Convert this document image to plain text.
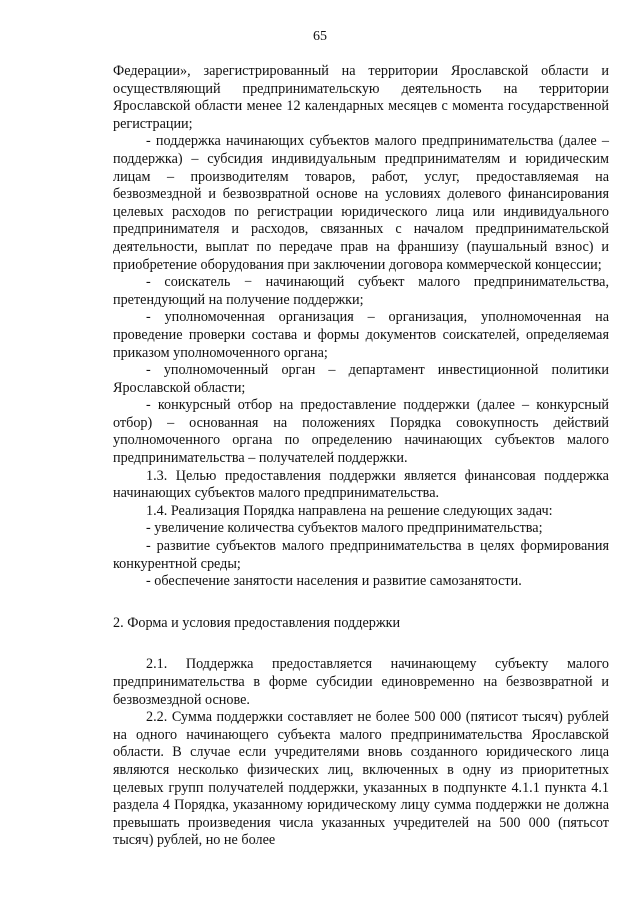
65

Федерации», зарегистрированный на территории Ярославской области и осуществляющий предпринимательскую деятельность на территории Ярославской области менее 12 календарных месяцев с момента государственной регистрации;

- поддержка начинающих субъектов малого предпринимательства (далее – поддержка) – субсидия индивидуальным предпринимателям и юридическим лицам – производителям товаров, работ, услуг, предоставляемая на безвозмездной и безвозвратной основе на условиях долевого финансирования целевых расходов по регистрации юридического лица или индивидуального предпринимателя и расходов, связанных с началом предпринимательской деятельности, выплат по передаче прав на франшизу (паушальный взнос) и приобретение оборудования при заключении договора коммерческой концессии;

- соискатель − начинающий субъект малого предпринимательства, претендующий на получение поддержки;

- уполномоченная организация – организация, уполномоченная на проведение проверки состава и формы документов соискателей, определяемая приказом уполномоченного органа;

- уполномоченный орган – департамент инвестиционной политики Ярославской области;

- конкурсный отбор на предоставление поддержки (далее – конкурсный отбор) – основанная на положениях Порядка совокупность действий уполномоченного органа по определению начинающих субъектов малого предпринимательства – получателей поддержки.

1.3. Целью предоставления поддержки является финансовая поддержка начинающих субъектов малого предпринимательства.

1.4. Реализация Порядка направлена на решение следующих задач:

- увеличение количества субъектов малого предпринимательства;

- развитие субъектов малого предпринимательства в целях формирования конкурентной среды;

- обеспечение занятости населения и развитие самозанятости.

2. Форма и условия предоставления поддержки

2.1. Поддержка предоставляется начинающему субъекту малого предпринимательства в форме субсидии единовременно на безвозвратной и безвозмездной основе.

2.2. Сумма поддержки составляет не более 500 000 (пятисот тысяч) рублей на одного начинающего субъекта малого предпринимательства Ярославской области. В случае если учредителями вновь созданного юридического лица являются несколько физических лиц, включенных в одну из приоритетных целевых групп получателей поддержки, указанных в подпункте 4.1.1 пункта 4.1 раздела 4 Порядка, указанному юридическому лицу сумма поддержки не должна превышать произведения числа указанных учредителей на 500 000 (пятьсот тысяч) рублей, но не более
